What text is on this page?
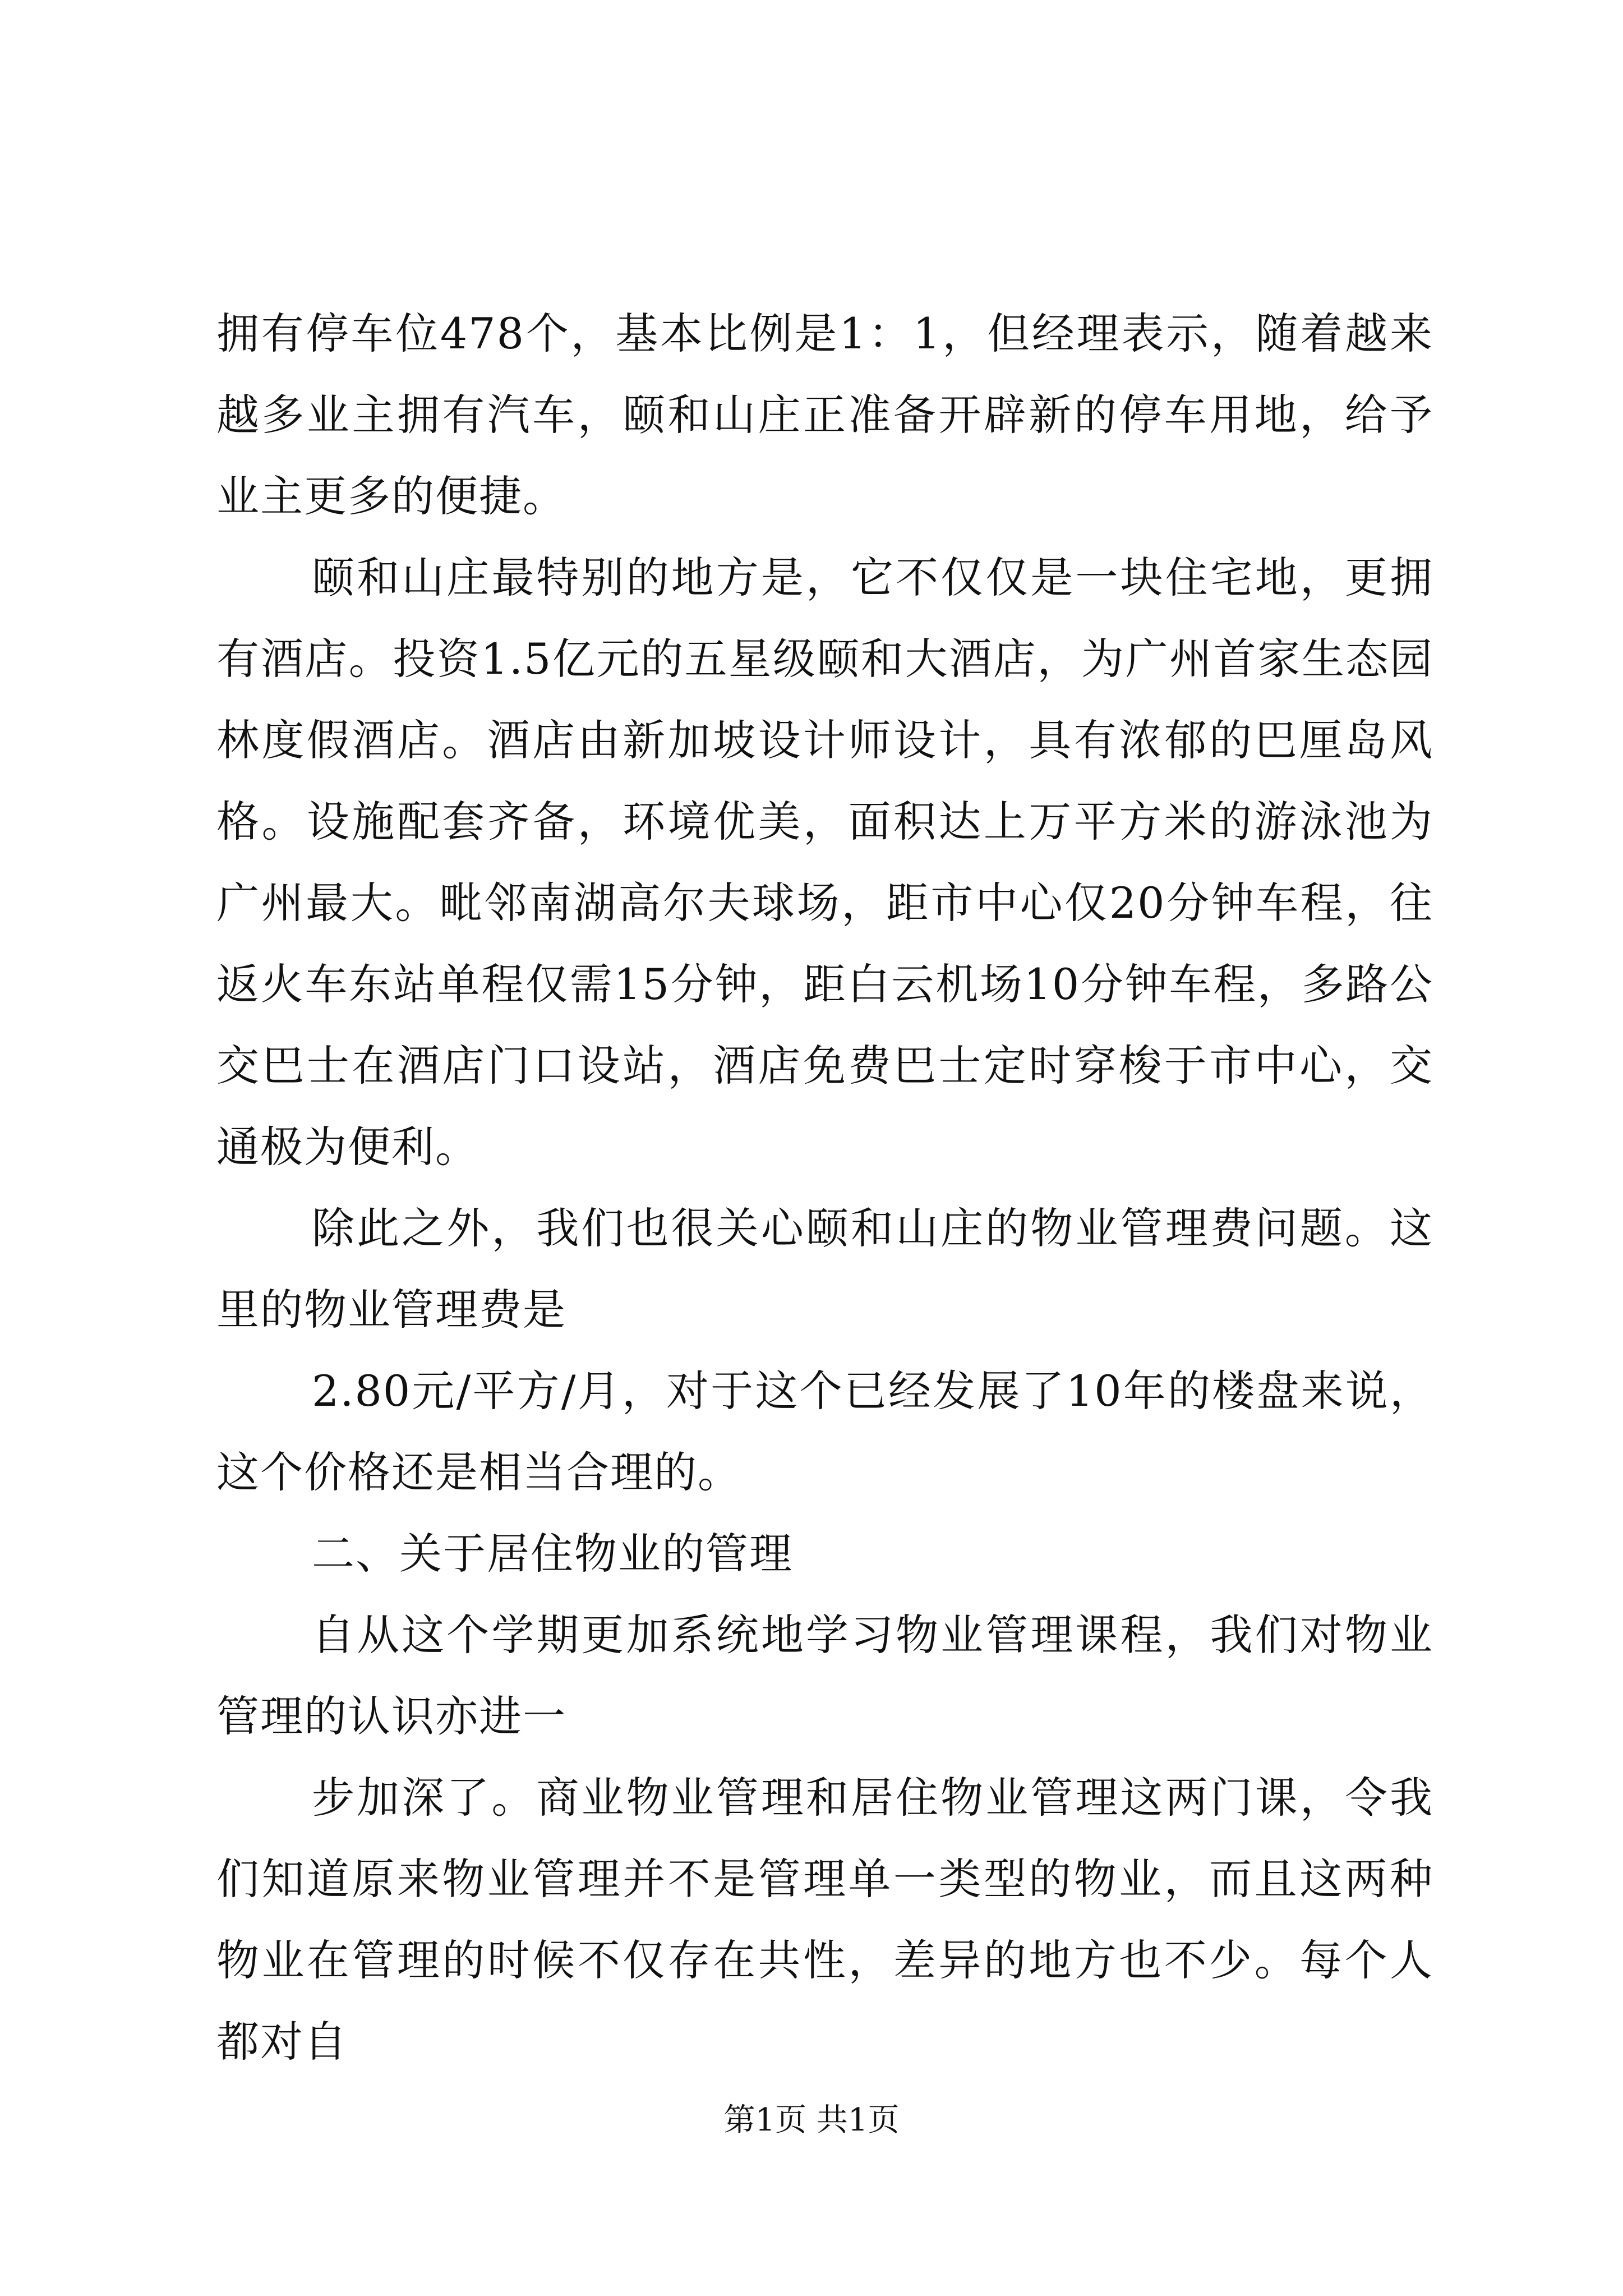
拥有停车位478个，基本比例是1：1，但经理表示，随着越来越多业主拥有汽车，颐和山庄正准备开辟新的停车用地，给予业主更多的便捷。

颐和山庄最特别的地方是，它不仅仅是一块住宅地，更拥有酒店。投资1.5亿元的五星级颐和大酒店，为广州首家生态园林度假酒店。酒店由新加坡设计师设计，具有浓郁的巴厘岛风格。设施配套齐备，环境优美，面积达上万平方米的游泳池为广州最大。毗邻南湖高尔夫球场，距市中心仅20分钟车程，往返火车东站单程仅需15分钟，距白云机场10分钟车程，多路公交巴士在酒店门口设站，酒店免费巴士定时穿梭于市中心，交通极为便利。

除此之外，我们也很关心颐和山庄的物业管理费问题。这里的物业管理费是

2.80元/平方/月，对于这个已经发展了10年的楼盘来说，这个价格还是相当合理的。

二、关于居住物业的管理

自从这个学期更加系统地学习物业管理课程，我们对物业管理的认识亦进一

步加深了。商业物业管理和居住物业管理这两门课，令我们知道原来物业管理并不是管理单一类型的物业，而且这两种物业在管理的时候不仅存在共性，差异的地方也不少。每个人都对自

第1页 共1页
